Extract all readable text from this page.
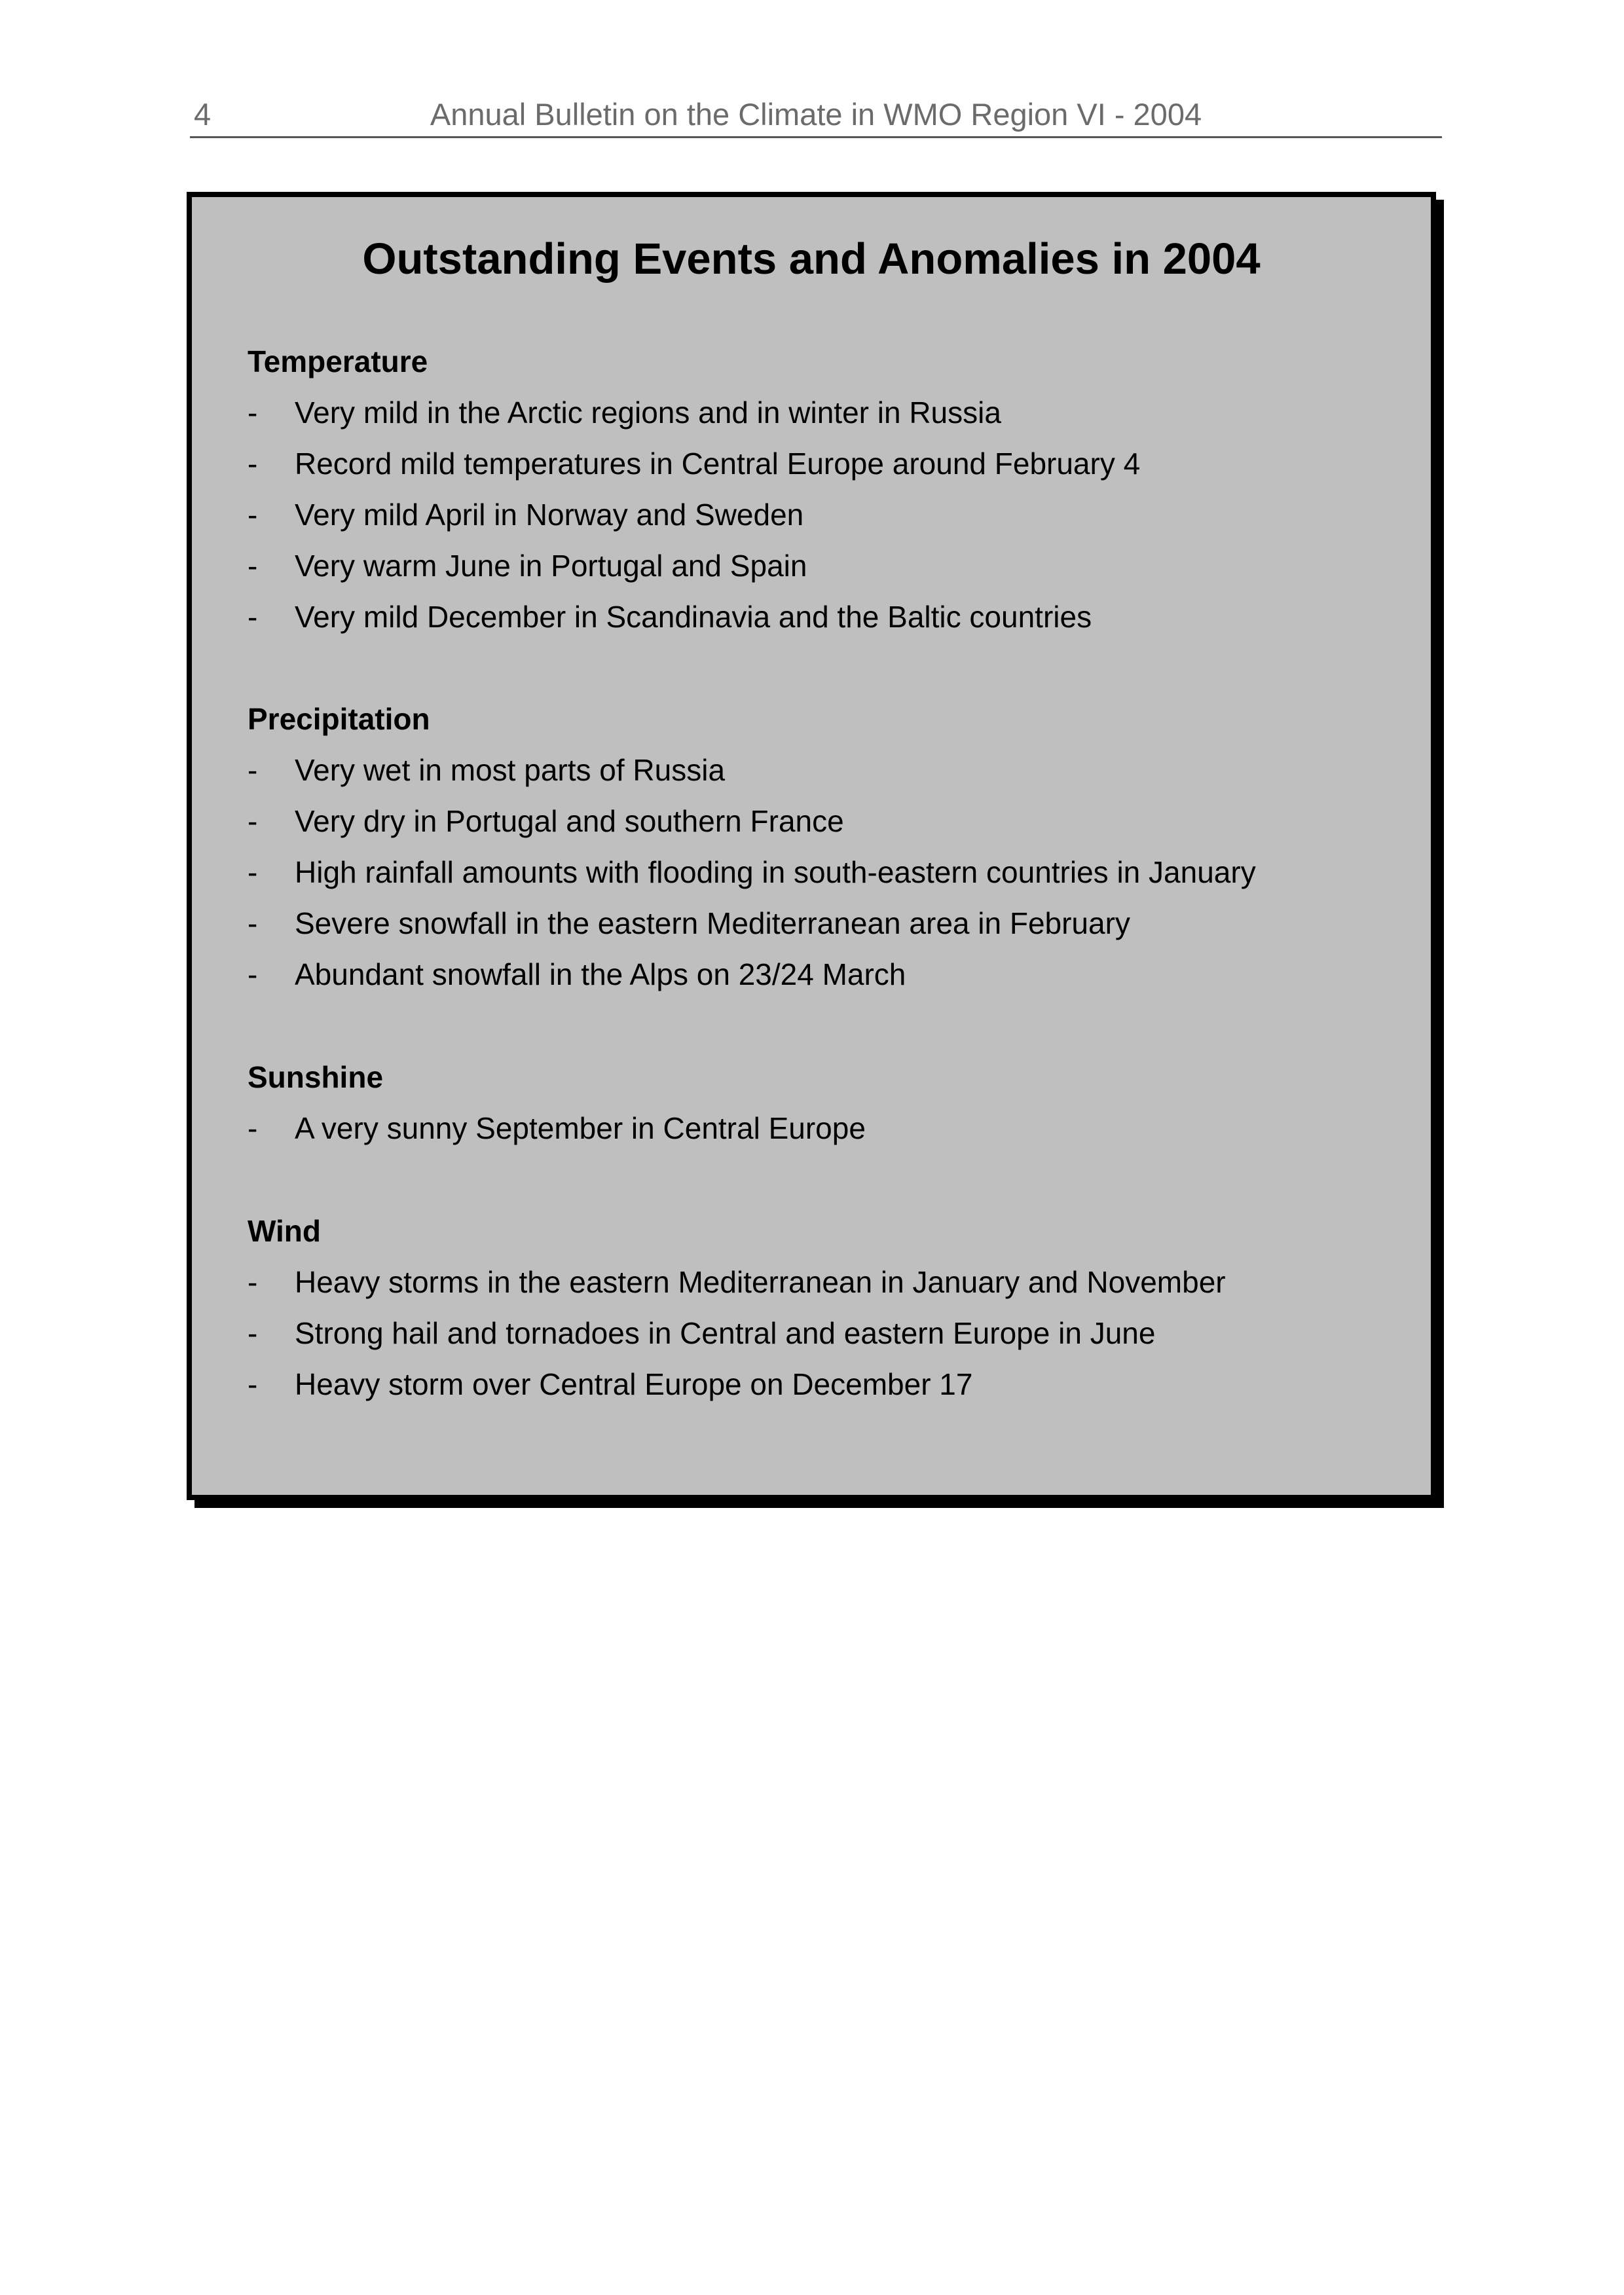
4	Annual Bulletin on the Climate in WMO Region VI - 2004
Outstanding Events and Anomalies in 2004
Temperature
- Very mild in the Arctic regions and in winter in Russia
- Record mild temperatures in Central Europe around February 4
- Very mild April in Norway and Sweden
- Very warm June in Portugal and Spain
- Very mild December in Scandinavia and the Baltic countries
Precipitation
- Very wet in most parts of Russia
- Very dry in Portugal and southern France
- High rainfall amounts with flooding in south-eastern countries in January
- Severe snowfall in the eastern Mediterranean area in February
- Abundant snowfall in the Alps on 23/24 March
Sunshine
- A very sunny September in Central Europe
Wind
- Heavy storms in the eastern Mediterranean in January and November
- Strong hail and tornadoes in Central and eastern Europe in June
- Heavy storm over Central Europe on December 17
